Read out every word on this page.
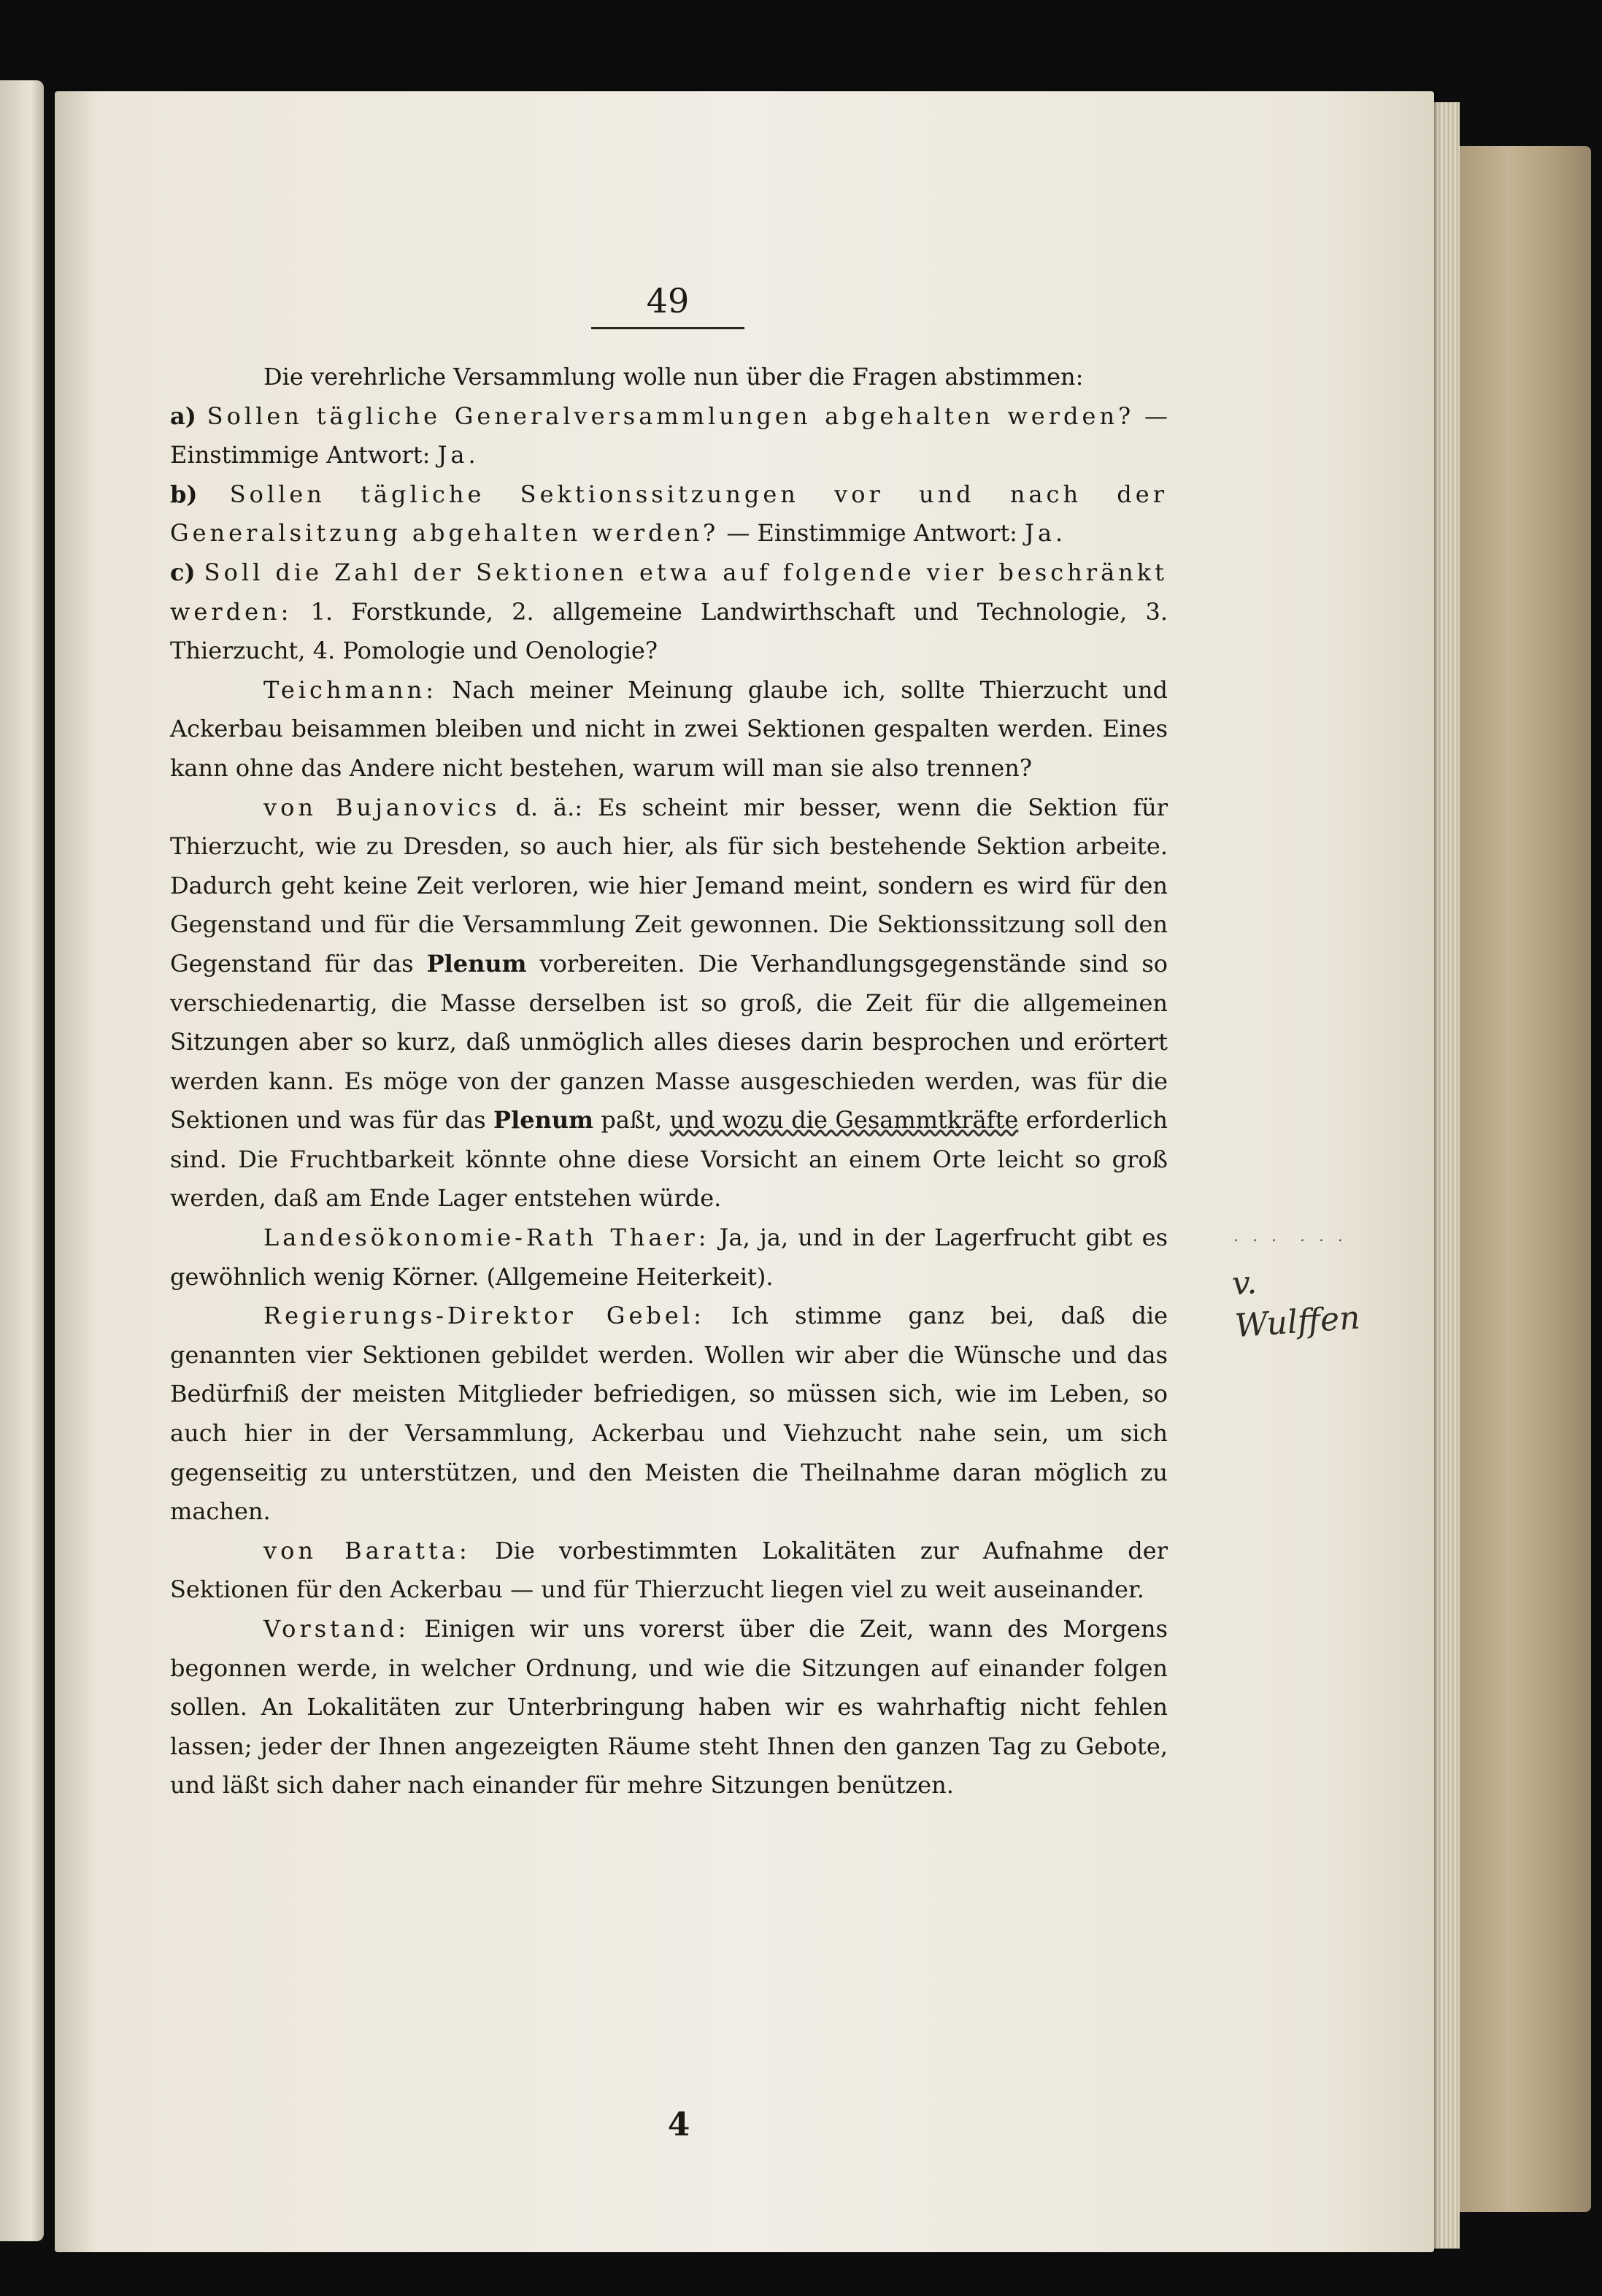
49

Die verehrliche Versammlung wolle nun über die Fragen abstimmen:

a) Sollen tägliche Generalversammlungen abgehalten werden? — Einstimmige Antwort: Ja.

b) Sollen tägliche Sektionssitzungen vor und nach der Generalsitzung abgehalten werden? — Einstimmige Antwort: Ja.

c) Soll die Zahl der Sektionen etwa auf folgende vier beschränkt werden: 1. Forstkunde, 2. allgemeine Landwirthschaft und Technologie, 3. Thierzucht, 4. Pomologie und Oenologie?

Teichmann: Nach meiner Meinung glaube ich, sollte Thierzucht und Ackerbau beisammen bleiben und nicht in zwei Sektionen gespalten werden. Eines kann ohne das Andere nicht bestehen, warum will man sie also trennen?

von Bujanovics d. ä.: Es scheint mir besser, wenn die Sektion für Thierzucht, wie zu Dresden, so auch hier, als für sich bestehende Sektion arbeite. Dadurch geht keine Zeit verloren, wie hier Jemand meint, sondern es wird für den Gegenstand und für die Versammlung Zeit gewonnen. Die Sektionssitzung soll den Gegenstand für das Plenum vorbereiten. Die Verhandlungsgegenstände sind so verschiedenartig, die Masse derselben ist so groß, die Zeit für die allgemeinen Sitzungen aber so kurz, daß unmöglich alles dieses darin besprochen und erörtert werden kann. Es möge von der ganzen Masse ausgeschieden werden, was für die Sektionen und was für das Plenum paßt, und wozu die Gesammtkräfte erforderlich sind. Die Fruchtbarkeit könnte ohne diese Vorsicht an einem Orte leicht so groß werden, daß am Ende Lager entstehen würde.

Landesökonomie-Rath Thaer: Ja, ja, und in der Lagerfrucht gibt es gewöhnlich wenig Körner. (Allgemeine Heiterkeit).

Regierungs-Direktor Gebel: Ich stimme ganz bei, daß die genannten vier Sektionen gebildet werden. Wollen wir aber die Wünsche und das Bedürfniß der meisten Mitglieder befriedigen, so müssen sich, wie im Leben, so auch hier in der Versammlung, Ackerbau und Viehzucht nahe sein, um sich gegenseitig zu unterstützen, und den Meisten die Theilnahme daran möglich zu machen.

von Baratta: Die vorbestimmten Lokalitäten zur Aufnahme der Sektionen für den Ackerbau — und für Thierzucht liegen viel zu weit auseinander.

Vorstand: Einigen wir uns vorerst über die Zeit, wann des Morgens begonnen werde, in welcher Ordnung, und wie die Sitzungen auf einander folgen sollen. An Lokalitäten zur Unterbringung haben wir es wahrhaftig nicht fehlen lassen; jeder der Ihnen angezeigten Räume steht Ihnen den ganzen Tag zu Gebote, und läßt sich daher nach einander für mehre Sitzungen benützen.

. . .  . . .
v. Wulffen
4
